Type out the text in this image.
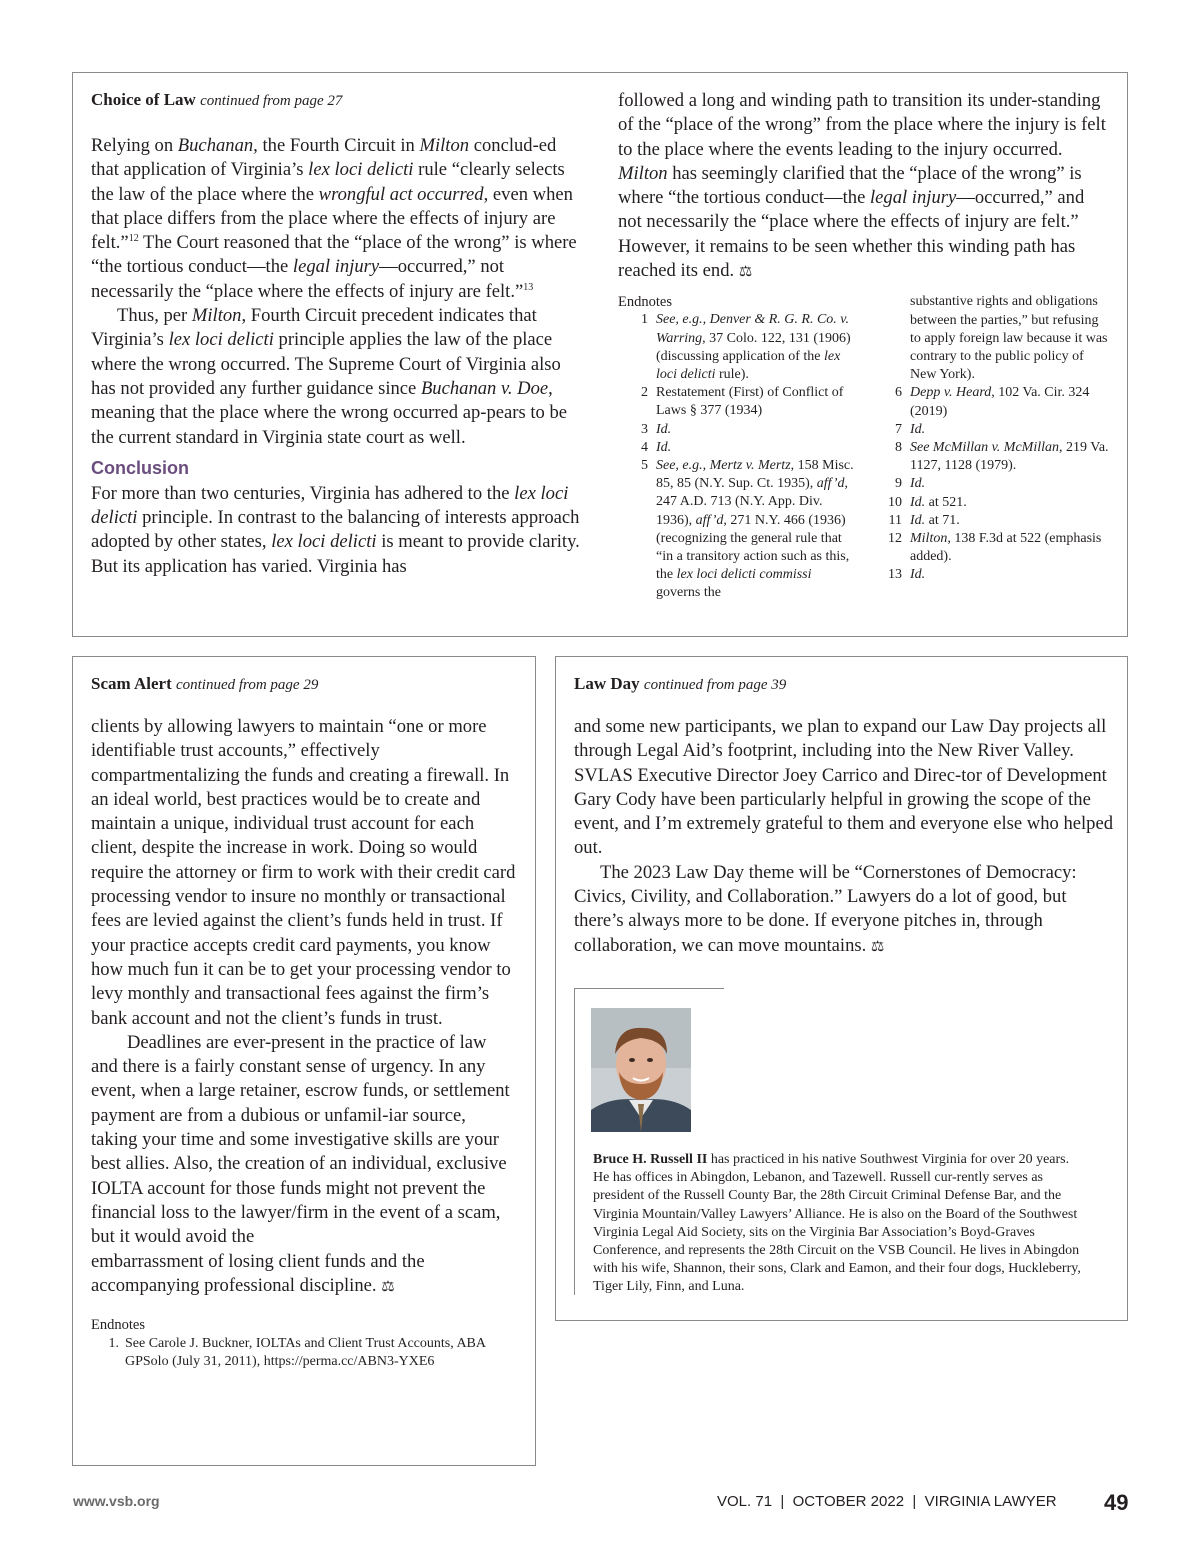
Choice of Law continued from page 27

Relying on Buchanan, the Fourth Circuit in Milton conclud-ed that application of Virginia’s lex loci delicti rule “clearly selects the law of the place where the wrongful act occurred, even when that place differs from the place where the effects of injury are felt.”$^{12}$ The Court reasoned that the “place of the wrong” is where “the tortious conduct—the legal injury—occurred,” not necessarily the “place where the effects of injury are felt.”$^{13}$

Thus, per Milton, Fourth Circuit precedent indicates that Virginia’s lex loci delicti principle applies the law of the place where the wrong occurred. The Supreme Court of Virginia also has not provided any further guidance since Buchanan v. Doe, meaning that the place where the wrong occurred ap-pears to be the current standard in Virginia state court as well.

Conclusion

For more than two centuries, Virginia has adhered to the lex loci delicti principle. In contrast to the balancing of interests approach adopted by other states, lex loci delicti is meant to provide clarity. But its application has varied. Virginia has

followed a long and winding path to transition its under-standing of the “place of the wrong” from the place where the injury is felt to the place where the events leading to the injury occurred. Milton has seemingly clarified that the “place of the wrong” is where “the tortious conduct—the legal injury—occurred,” and not necessarily the “place where the effects of injury are felt.” However, it remains to be seen whether this winding path has reached its end. ⚖

Endnotes

1 See, e.g., Denver & R. G. R. Co. v. Warring, 37 Colo. 122, 131 (1906) (discussing application of the lex loci delicti rule).
2 Restatement (First) of Conflict of Laws § 377 (1934)
3 Id.
4 Id.
5 See, e.g., Mertz v. Mertz, 158 Misc. 85, 85 (N.Y. Sup. Ct. 1935), aff’d, 247 A.D. 713 (N.Y. App. Div. 1936), aff’d, 271 N.Y. 466 (1936) (recognizing the general rule that “in a transitory action such as this, the lex loci delicti commissi governs the
substantive rights and obligations between the parties,” but refusing to apply foreign law because it was contrary to the public policy of New York).
6 Depp v. Heard, 102 Va. Cir. 324 (2019)
7 Id.
8 See McMillan v. McMillan, 219 Va. 1127, 1128 (1979).
9 Id.
10 Id. at 521.
11 Id. at 71.
12 Milton, 138 F.3d at 522 (emphasis added).
13 Id.

Scam Alert continued from page 29

clients by allowing lawyers to maintain “one or more identifiable trust accounts,” effectively compartmentalizing the funds and creating a firewall. In an ideal world, best practices would be to create and maintain a unique, individual trust account for each client, despite the increase in work. Doing so would require the attorney or firm to work with their credit card processing vendor to insure no monthly or transactional fees are levied against the client’s funds held in trust. If your practice accepts credit card payments, you know how much fun it can be to get your processing vendor to levy monthly and transactional fees against the firm’s bank account and not the client’s funds in trust.

Deadlines are ever-present in the practice of law and there is a fairly constant sense of urgency. In any event, when a large retainer, escrow funds, or settlement payment are from a dubious or unfamil-iar source, taking your time and some investigative skills are your best allies. Also, the creation of an individual, exclusive IOLTA account for those funds might not prevent the financial loss to the lawyer/firm in the event of a scam, but it would avoid the

embarrassment of losing client funds and the accompanying professional discipline. ⚖

Endnotes

1. See Carole J. Buckner, IOLTAs and Client Trust Accounts, ABA GPSolo (July 31, 2011), https://perma.cc/ABN3-YXE6

Law Day continued from page 39

and some new participants, we plan to expand our Law Day projects all through Legal Aid’s footprint, including into the New River Valley. SVLAS Executive Director Joey Carrico and Direc-tor of Development Gary Cody have been particularly helpful in growing the scope of the event, and I’m extremely grateful to them and everyone else who helped out.

The 2023 Law Day theme will be “Cornerstones of Democracy: Civics, Civility, and Collaboration.” Lawyers do a lot of good, but there’s always more to be done. If everyone pitches in, through collaboration, we can move mountains. ⚖

Bruce H. Russell II has practiced in his native Southwest Virginia for over 20 years. He has offices in Abingdon, Lebanon, and Tazewell. Russell cur-rently serves as president of the Russell County Bar, the 28th Circuit Criminal Defense Bar, and the Virginia Mountain/Valley Lawyers’ Alliance. He is also on the Board of the Southwest Virginia Legal Aid Society, sits on the Virginia Bar Association’s Boyd-Graves Conference, and represents the 28th Circuit on the VSB Council. He lives in Abingdon with his wife, Shannon, their sons, Clark and Eamon, and their four dogs, Huckleberry, Tiger Lily, Finn, and Luna.
www.vsb.org	VOL. 71  |  OCTOBER 2022  |  VIRGINIA LAWYER 49
